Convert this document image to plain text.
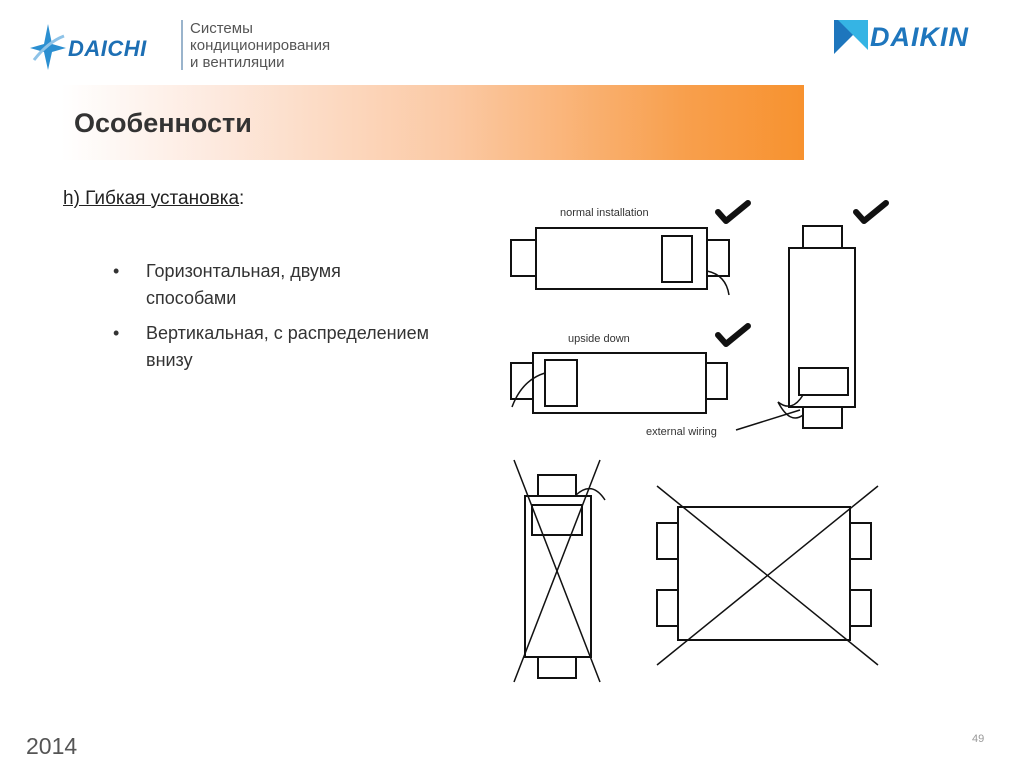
DAICHI
Системы
кондиционирования
и вентиляции
DAIKIN
Особенности
h) Гибкая установка:
• Горизонтальная, двумя способами
• Вертикальная, с распределением внизу
normal installation
upside down
external wiring
2014	49
